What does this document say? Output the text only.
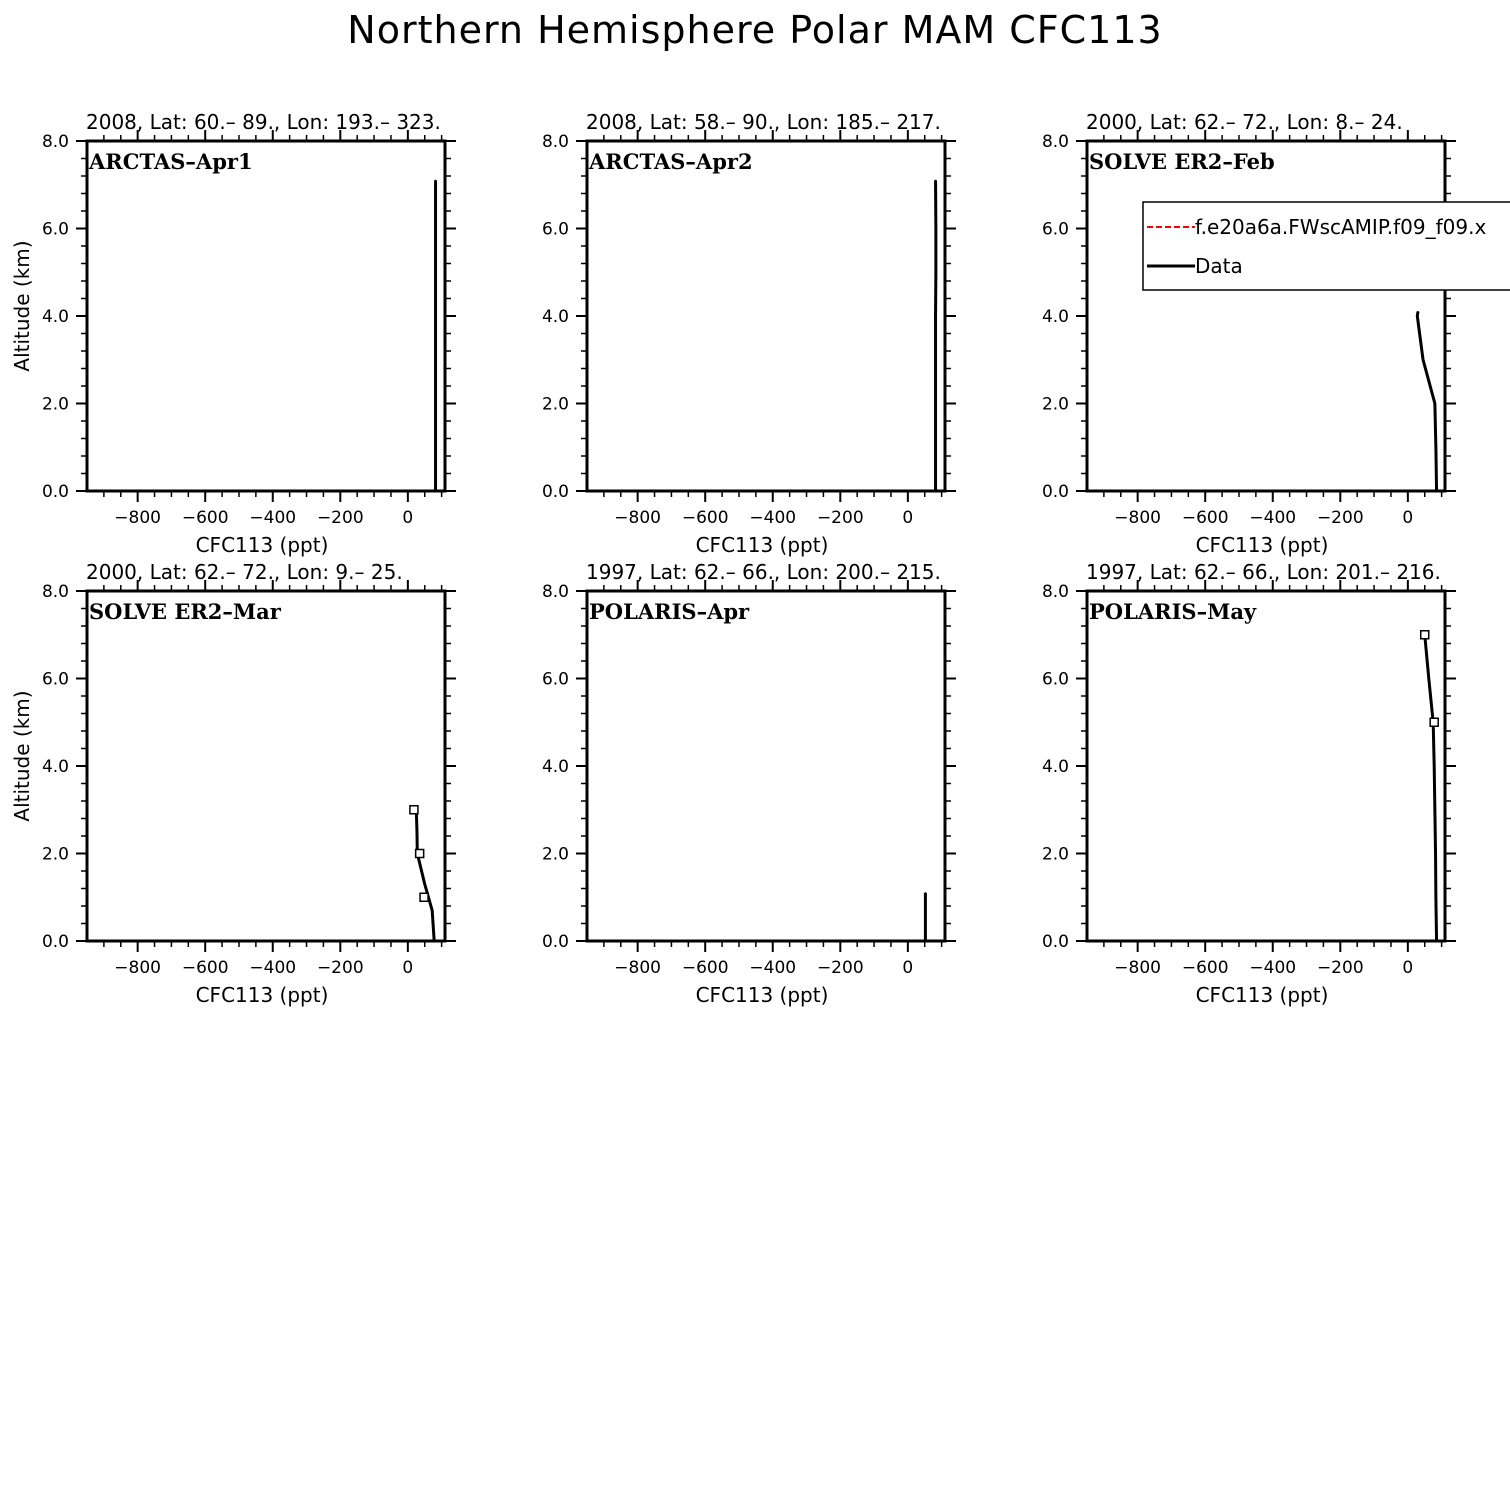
Northern Hemisphere Polar MAM CFC113
2008, Lat: 60.– 89., Lon: 193.– 323.
−800 −600 −400 −200 0
0.0
2.0
4.0
6.0
8.0
CFC113 (ppt)
Altitude (km)
ARCTAS–Apr1
2008, Lat: 58.– 90., Lon: 185.– 217.
−800 −600 −400 −200 0
0.0
2.0
4.0
6.0
8.0
CFC113 (ppt)
ARCTAS–Apr2
2000, Lat: 62.– 72., Lon: 8.– 24.
−800 −600 −400 −200 0
0.0
2.0
4.0
6.0
8.0
CFC113 (ppt)
SOLVE ER2–Feb
2000, Lat: 62.– 72., Lon: 9.– 25.
−800 −600 −400 −200 0
0.0
2.0
4.0
6.0
8.0
CFC113 (ppt)
Altitude (km)
SOLVE ER2–Mar
1997, Lat: 62.– 66., Lon: 200.– 215.
−800 −600 −400 −200 0
0.0
2.0
4.0
6.0
8.0
CFC113 (ppt)
POLARIS–Apr
1997, Lat: 62.– 66., Lon: 201.– 216.
−800 −600 −400 −200 0
0.0
2.0
4.0
6.0
8.0
CFC113 (ppt)
POLARIS–May
f.e20a6a.FWscAMIP.f09_f09.x
Data
